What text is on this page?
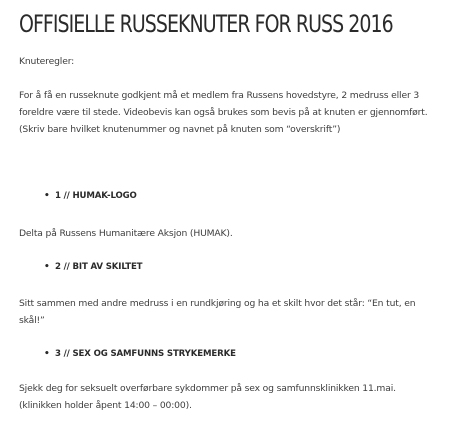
OFFISIELLE RUSSEKNUTER FOR RUSS 2016

Knuteregler:

For å få en russeknute godkjent må et medlem fra Russens hovedstyre, 2 medruss eller 3

foreldre være til stede. Videobevis kan også brukes som bevis på at knuten er gjennomført.

(Skriv bare hvilket knutenummer og navnet på knuten som “overskrift”)

• 1 // HUMAK-LOGO

Delta på Russens Humanitære Aksjon (HUMAK).

• 2 // BIT AV SKILTET

Sitt sammen med andre medruss i en rundkjøring og ha et skilt hvor det står: “En tut, en

skål!”

• 3 // SEX OG SAMFUNNS STRYKEMERKE

Sjekk deg for seksuelt overførbare sykdommer på sex og samfunnsklinikken 11.mai.

(klinikken holder åpent 14:00 – 00:00).
